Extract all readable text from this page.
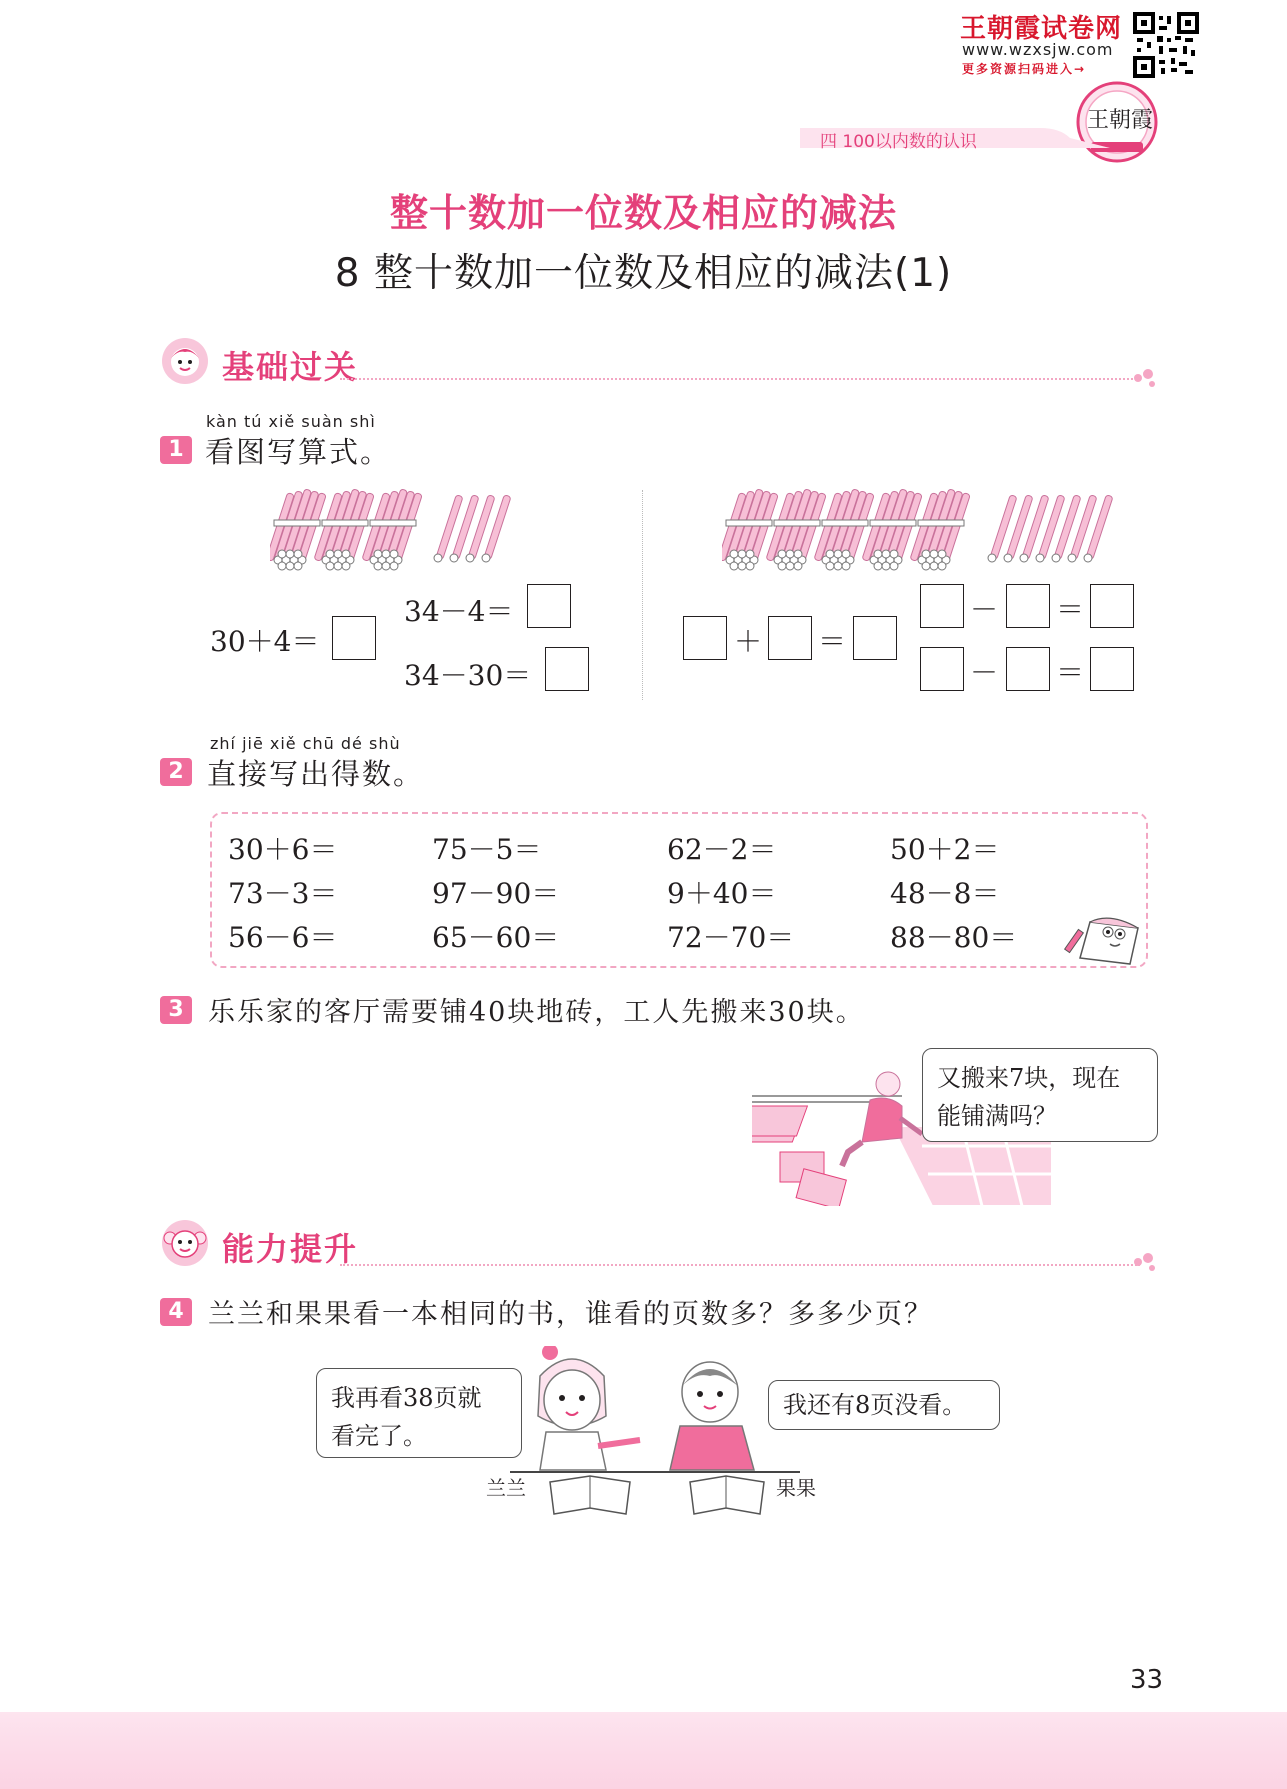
王朝霞试卷网
www.wzxsjw.com
更多资源扫码进入→
王朝霞
四 100以内数的认识
整十数加一位数及相应的减法
8 整十数加一位数及相应的减法(1)
基础过关
kàn tú xiě suàn shì
1 看图写算式。
30＋4＝
34－4＝
34－30＝
＋ ＝
－ ＝
－ ＝
zhí jiē xiě chū dé shù
2 直接写出得数。
30＋6＝	75－5＝	62－2＝	50＋2＝
73－3＝	97－90＝	9＋40＝	48－8＝
56－6＝	65－60＝	72－70＝	88－80＝
3 乐乐家的客厅需要铺40块地砖，工人先搬来30块。
又搬来7块，现在
能铺满吗？
能力提升
4 兰兰和果果看一本相同的书，谁看的页数多？多多少页？
我再看38页就
看完了。
我还有8页没看。
兰兰	果果
33
